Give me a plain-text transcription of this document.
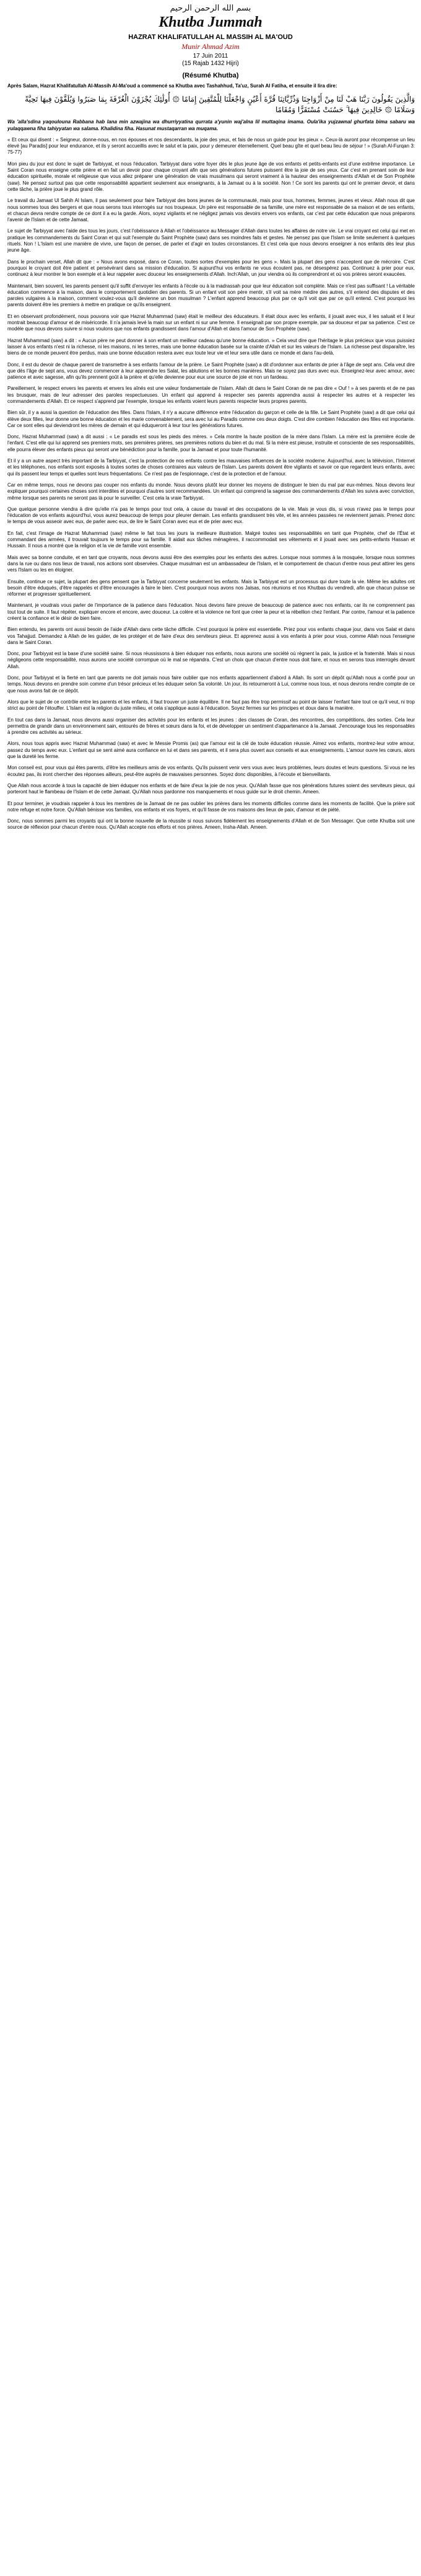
بسم الله الرحمن الرحيم
Khutba Jummah
HAZRAT KHALIFATULLAH AL MASSIH AL MA'OUD
Munir Ahmad Azim
17 Juin 2011
(15 Rajab 1432 Hijri)
(Résumé Khutba)

Après Salam, Hazrat Khalifatullah Al-Massih Al-Ma'oud a commencé sa Khutba avec Tashahhud, Ta'uz, Surah Al Fatiha, et ensuite il lira dire:

وَالَّذِينَ يَقُولُونَ رَبَّنَا هَبْ لَنَا مِنْ أَزْوَاجِنَا وَذُرِّيَّاتِنَا قُرَّةَ أَعْيُنٍ وَاجْعَلْنَا لِلْمُتَّقِينَ إِمَامًا ۞ أُولَٰئِكَ يُجْزَوْنَ الْغُرْفَةَ بِمَا صَبَرُوا وَيُلَقَّوْنَ فِيهَا تَحِيَّةً وَسَلَامًا ۞ خَالِدِينَ فِيهَا ۚ حَسُنَتْ مُسْتَقَرًّا وَمُقَامًا

Wa 'alla'sdina yaqoulouna Rabbana hab lana min azwajina wa dhurriyyatina qurrata a'yunin waj'alna lil muttaqina imama. Oula'ika yujzawnal ghurfata bima sabaru wa yulaqqawna fiha tahiyyatan wa salama. Khalidina fiha. Hasunat mustaqarran wa muqama.

« Et ceux qui disent : « Seigneur, donne-nous, en nos épouses et nos descendants, la joie des yeux, et fais de nous un guide pour les pieux ». Ceux-là auront pour récompense un lieu élevé [au Paradis] pour leur endurance, et ils y seront accueillis avec le salut et la paix, pour y demeurer éternellement. Quel beau gîte et quel beau lieu de séjour ! » (Surah Al-Furqan 3: 75-77)

Mon pieu du jour est donc le sujet de Tarbiyyat, et nous l'éducation. Tarbiyyat dans votre foyer dès le plus jeune âge de vos enfants et petits-enfants est d'une extrême importance. Le Saint Coran nous enseigne cette prière et en fait un devoir pour chaque croyant afin que ses générations futures puissent être la joie de ses yeux. Car c'est en prenant soin de leur éducation spirituelle, morale et religieuse que vous allez préparer une génération de vrais musulmans qui seront vraiment à la hauteur des enseignements d'Allah et de Son Prophète (saw). Ne pensez surtout pas que cette responsabilité appartient seulement aux enseignants, à la Jamaat ou à la société. Non ! Ce sont les parents qui ont le premier devoir, et dans cette tâche, la prière joue le plus grand rôle.

Le travail du Jamaat Ul Sahih Al Islam, il pas seulement pour faire Tarbiyyat des bons jeunes de la communauté, mais pour tous, hommes, femmes, jeunes et vieux. Allah nous dit que nous sommes tous des bergers et que nous serons tous interrogés sur nos troupeaux. Un père est responsable de sa famille, une mère est responsable de sa maison et de ses enfants, et chacun devra rendre compte de ce dont il a eu la garde. Alors, soyez vigilants et ne négligez jamais vos devoirs envers vos enfants, car c'est par cette éducation que nous préparons l'avenir de l'Islam et de cette Jamaat.

Le sujet de Tarbiyyat avec l'aide des tous les jours, c'est l'obéissance à Allah et l'obéissance au Messager d'Allah dans toutes les affaires de notre vie. Le vrai croyant est celui qui met en pratique les commandements du Saint Coran et qui suit l'exemple du Saint Prophète (saw) dans ses moindres faits et gestes. Ne pensez pas que l'Islam se limite seulement à quelques rituels. Non ! L'Islam est une manière de vivre, une façon de penser, de parler et d'agir en toutes circonstances. Et c'est cela que nous devons enseigner à nos enfants dès leur plus jeune âge.

Dans le prochain verset, Allah dit que : « Nous avons exposé, dans ce Coran, toutes sortes d'exemples pour les gens ». Mais la plupart des gens n'acceptent que de mécroire. C'est pourquoi le croyant doit être patient et persévérant dans sa mission d'éducation. Si aujourd'hui vos enfants ne vous écoutent pas, ne désespérez pas. Continuez à prier pour eux, continuez à leur montrer le bon exemple et à leur rappeler avec douceur les enseignements d'Allah. Inch'Allah, un jour viendra où ils comprendront et où vos prières seront exaucées.

Maintenant, bien souvent, les parents pensent qu'il suffit d'envoyer les enfants à l'école ou à la madrassah pour que leur éducation soit complète. Mais ce n'est pas suffisant ! La véritable éducation commence à la maison, dans le comportement quotidien des parents. Si un enfant voit son père mentir, s'il voit sa mère médire des autres, s'il entend des disputes et des paroles vulgaires à la maison, comment voulez-vous qu'il devienne un bon musulman ? L'enfant apprend beaucoup plus par ce qu'il voit que par ce qu'il entend. C'est pourquoi les parents doivent être les premiers à mettre en pratique ce qu'ils enseignent.

Et en observant profondément, nous pouvons voir que Hazrat Muhammad (saw) était le meilleur des éducateurs. Il était doux avec les enfants, il jouait avec eux, il les saluait et il leur montrait beaucoup d'amour et de miséricorde. Il n'a jamais levé la main sur un enfant ni sur une femme. Il enseignait par son propre exemple, par sa douceur et par sa patience. C'est ce modèle que nous devons suivre si nous voulons que nos enfants grandissent dans l'amour d'Allah et dans l'amour de Son Prophète (saw).

Hazrat Muhammad (saw) a dit : « Aucun père ne peut donner à son enfant un meilleur cadeau qu'une bonne éducation. » Cela veut dire que l'héritage le plus précieux que vous puissiez laisser à vos enfants n'est ni la richesse, ni les maisons, ni les terres, mais une bonne éducation basée sur la crainte d'Allah et sur les valeurs de l'Islam. La richesse peut disparaître, les biens de ce monde peuvent être perdus, mais une bonne éducation restera avec eux toute leur vie et leur sera utile dans ce monde et dans l'au-delà.

Donc, il est du devoir de chaque parent de transmettre à ses enfants l'amour de la prière. Le Saint Prophète (saw) a dit d'ordonner aux enfants de prier à l'âge de sept ans. Cela veut dire que dès l'âge de sept ans, vous devez commencer à leur apprendre les Salat, les ablutions et les bonnes manières. Mais ne soyez pas durs avec eux. Enseignez-leur avec amour, avec patience et avec sagesse, afin qu'ils prennent goût à la prière et qu'elle devienne pour eux une source de joie et non un fardeau.

Pareillement, le respect envers les parents et envers les aînés est une valeur fondamentale de l'Islam. Allah dit dans le Saint Coran de ne pas dire « Ouf ! » à ses parents et de ne pas les brusquer, mais de leur adresser des paroles respectueuses. Un enfant qui apprend à respecter ses parents apprendra aussi à respecter les autres et à respecter les commandements d'Allah. Et ce respect s'apprend par l'exemple, lorsque les enfants voient leurs parents respecter leurs propres parents.

Bien sûr, il y a aussi la question de l'éducation des filles. Dans l'Islam, il n'y a aucune différence entre l'éducation du garçon et celle de la fille. Le Saint Prophète (saw) a dit que celui qui élève deux filles, leur donne une bonne éducation et les marie convenablement, sera avec lui au Paradis comme ces deux doigts. C'est dire combien l'éducation des filles est importante. Car ce sont elles qui deviendront les mères de demain et qui éduqueront à leur tour les générations futures.

Donc, Hazrat Muhammad (saw) a dit aussi : « Le paradis est sous les pieds des mères. » Cela montre la haute position de la mère dans l'Islam. La mère est la première école de l'enfant. C'est elle qui lui apprend ses premiers mots, ses premières prières, ses premières notions du bien et du mal. Si la mère est pieuse, instruite et consciente de ses responsabilités, elle pourra élever des enfants pieux qui seront une bénédiction pour la famille, pour la Jamaat et pour toute l'humanité.

Et il y a un autre aspect très important de la Tarbiyyat, c'est la protection de nos enfants contre les mauvaises influences de la société moderne. Aujourd'hui, avec la télévision, l'Internet et les téléphones, nos enfants sont exposés à toutes sortes de choses contraires aux valeurs de l'Islam. Les parents doivent être vigilants et savoir ce que regardent leurs enfants, avec qui ils passent leur temps et quelles sont leurs fréquentations. Ce n'est pas de l'espionnage, c'est de la protection et de l'amour.

Car en même temps, nous ne devons pas couper nos enfants du monde. Nous devons plutôt leur donner les moyens de distinguer le bien du mal par eux-mêmes. Nous devons leur expliquer pourquoi certaines choses sont interdites et pourquoi d'autres sont recommandées. Un enfant qui comprend la sagesse des commandements d'Allah les suivra avec conviction, même lorsque ses parents ne seront pas là pour le surveiller. C'est cela la vraie Tarbiyyat.

Que quelque personne viendra à dire qu'elle n'a pas le temps pour tout cela, à cause du travail et des occupations de la vie. Mais je vous dis, si vous n'avez pas le temps pour l'éducation de vos enfants aujourd'hui, vous aurez beaucoup de temps pour pleurer demain. Les enfants grandissent très vite, et les années passées ne reviennent jamais. Prenez donc le temps de vous asseoir avec eux, de parler avec eux, de lire le Saint Coran avec eux et de prier avec eux.

En fait, c'est l'image de Hazrat Muhammad (saw) même le fait tous les jours la meilleure illustration. Malgré toutes ses responsabilités en tant que Prophète, chef de l'État et commandant des armées, il trouvait toujours le temps pour sa famille. Il aidait aux tâches ménagères, il raccommodait ses vêtements et il jouait avec ses petits-enfants Hassan et Hussain. Il nous a montré que la religion et la vie de famille vont ensemble.

Mais avec sa bonne conduite, et en tant que croyants, nous devons aussi être des exemples pour les enfants des autres. Lorsque nous sommes à la mosquée, lorsque nous sommes dans la rue ou dans nos lieux de travail, nos actions sont observées. Chaque musulman est un ambassadeur de l'Islam, et le comportement de chacun d'entre nous peut attirer les gens vers l'Islam ou les en éloigner.

Ensuite, continue ce sujet, la plupart des gens pensent que la Tarbiyyat concerne seulement les enfants. Mais la Tarbiyyat est un processus qui dure toute la vie. Même les adultes ont besoin d'être éduqués, d'être rappelés et d'être encouragés à faire le bien. C'est pourquoi nous avons nos Jalsas, nos réunions et nos Khutbas du vendredi, afin que chacun puisse se réformer et progresser spirituellement.

Maintenant, je voudrais vous parler de l'importance de la patience dans l'éducation. Nous devons faire preuve de beaucoup de patience avec nos enfants, car ils ne comprennent pas tout tout de suite. Il faut répéter, expliquer encore et encore, avec douceur. La colère et la violence ne font que créer la peur et la rébellion chez l'enfant. Par contre, l'amour et la patience créent la confiance et le désir de bien faire.

Bien entendu, les parents ont aussi besoin de l'aide d'Allah dans cette tâche difficile. C'est pourquoi la prière est essentielle. Priez pour vos enfants chaque jour, dans vos Salat et dans vos Tahajjud. Demandez à Allah de les guider, de les protéger et de faire d'eux des serviteurs pieux. Et apprenez aussi à vos enfants à prier pour vous, comme Allah nous l'enseigne dans le Saint Coran.

Donc, pour Tarbiyyat est la base d'une société saine. Si nous réussissons à bien éduquer nos enfants, nous aurons une société où règnent la paix, la justice et la fraternité. Mais si nous négligeons cette responsabilité, nous aurons une société corrompue où le mal se répandra. C'est un choix que chacun d'entre nous doit faire, et nous en serons tous interrogés devant Allah.

Donc, pour Tarbiyyat et la fierté en tant que parents ne doit jamais nous faire oublier que nos enfants appartiennent d'abord à Allah. Ils sont un dépôt qu'Allah nous a confié pour un temps. Nous devons en prendre soin comme d'un trésor précieux et les éduquer selon Sa volonté. Un jour, ils retourneront à Lui, comme nous tous, et nous devrons rendre compte de ce que nous avons fait de ce dépôt.

Alors que le sujet de ce contrôle entre les parents et les enfants, il faut trouver un juste équilibre. Il ne faut pas être trop permissif au point de laisser l'enfant faire tout ce qu'il veut, ni trop strict au point de l'étouffer. L'Islam est la religion du juste milieu, et cela s'applique aussi à l'éducation. Soyez fermes sur les principes et doux dans la manière.

En tout cas dans la Jamaat, nous devons aussi organiser des activités pour les enfants et les jeunes : des classes de Coran, des rencontres, des compétitions, des sorties. Cela leur permettra de grandir dans un environnement sain, entourés de frères et sœurs dans la foi, et de développer un sentiment d'appartenance à la Jamaat. J'encourage tous les responsables à prendre ces activités au sérieux.

Alors, nous tous appris avec Hazrat Muhammad (saw) et avec le Messie Promis (as) que l'amour est la clé de toute éducation réussie. Aimez vos enfants, montrez-leur votre amour, passez du temps avec eux. L'enfant qui se sent aimé aura confiance en lui et dans ses parents, et il sera plus ouvert aux conseils et aux enseignements. L'amour ouvre les cœurs, alors que la dureté les ferme.

Mon conseil est, pour vous qui êtes parents, d'être les meilleurs amis de vos enfants. Qu'ils puissent venir vers vous avec leurs problèmes, leurs doutes et leurs questions. Si vous ne les écoutez pas, ils iront chercher des réponses ailleurs, peut-être auprès de mauvaises personnes. Soyez donc disponibles, à l'écoute et bienveillants.

Que Allah nous accorde à tous la capacité de bien éduquer nos enfants et de faire d'eux la joie de nos yeux. Qu'Allah fasse que nos générations futures soient des serviteurs pieux, qui porteront haut le flambeau de l'Islam et de cette Jamaat. Qu'Allah nous pardonne nos manquements et nous guide sur le droit chemin. Ameen.

Et pour terminer, je voudrais rappeler à tous les membres de la Jamaat de ne pas oublier les prières dans les moments difficiles comme dans les moments de facilité. Que la prière soit notre refuge et notre force. Qu'Allah bénisse vos familles, vos enfants et vos foyers, et qu'Il fasse de vos maisons des lieux de paix, d'amour et de piété.

Donc, nous sommes parmi les croyants qui ont la bonne nouvelle de la réussite si nous suivons fidèlement les enseignements d'Allah et de Son Messager. Que cette Khutba soit une source de réflexion pour chacun d'entre nous. Qu'Allah accepte nos efforts et nos prières. Ameen, Insha-Allah. Ameen.
